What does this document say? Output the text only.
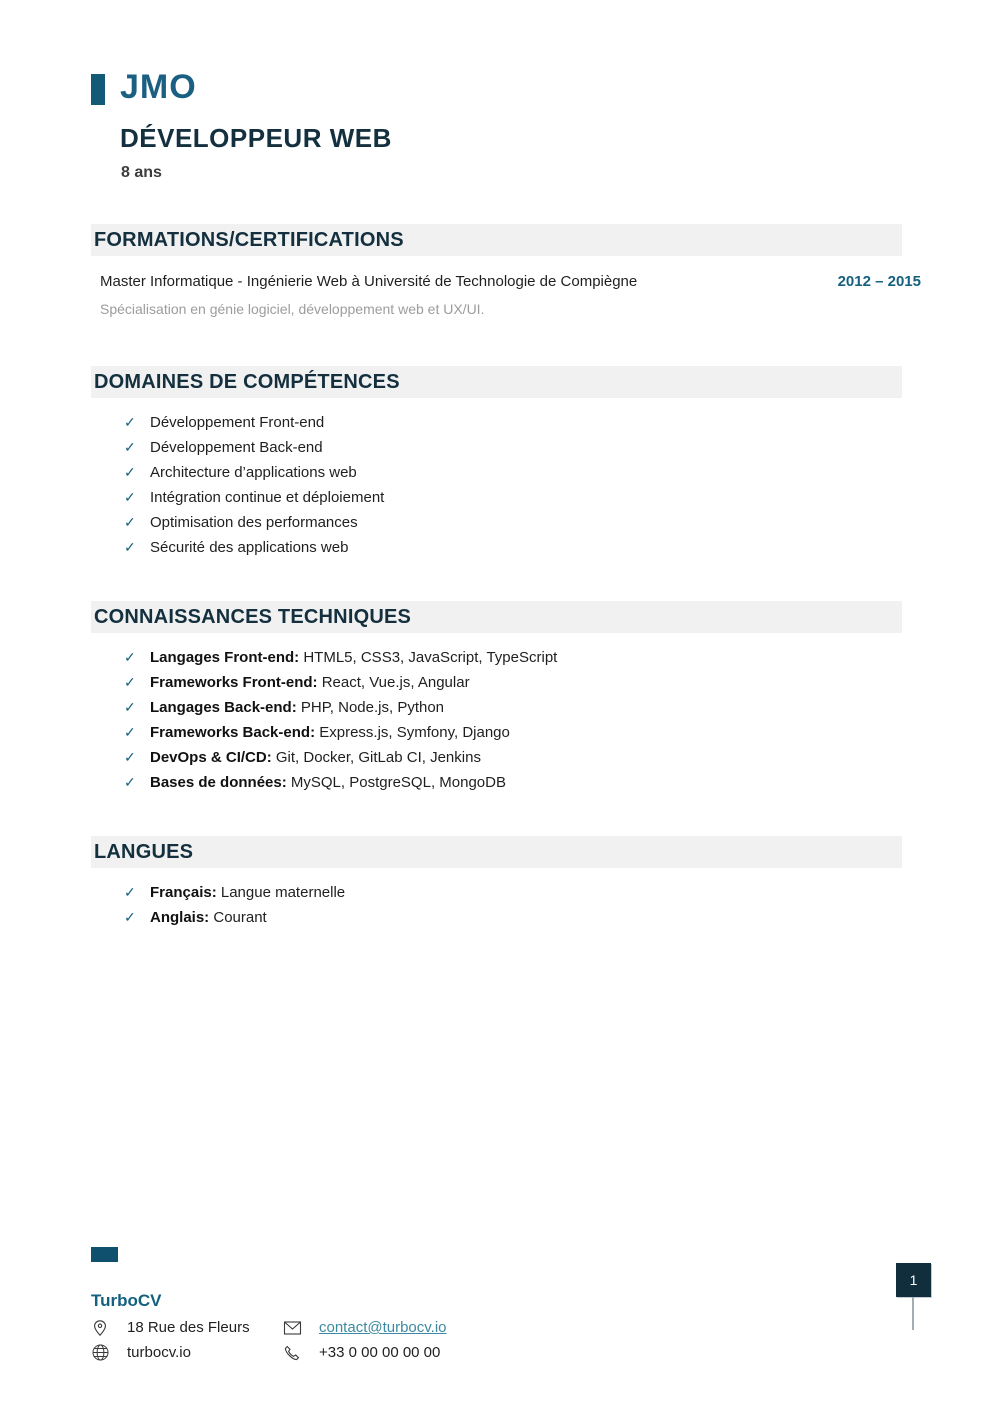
JMO
DÉVELOPPEUR WEB
8 ans
FORMATIONS/CERTIFICATIONS
Master Informatique - Ingénierie Web à Université de Technologie de Compiègne	2012 – 2015
Spécialisation en génie logiciel, développement web et UX/UI.
DOMAINES DE COMPÉTENCES
✓ Développement Front-end
✓ Développement Back-end
✓ Architecture d’applications web
✓ Intégration continue et déploiement
✓ Optimisation des performances
✓ Sécurité des applications web
CONNAISSANCES TECHNIQUES
✓ Langages Front-end: HTML5, CSS3, JavaScript, TypeScript
✓ Frameworks Front-end: React, Vue.js, Angular
✓ Langages Back-end: PHP, Node.js, Python
✓ Frameworks Back-end: Express.js, Symfony, Django
✓ DevOps & CI/CD: Git, Docker, GitLab CI, Jenkins
✓ Bases de données: MySQL, PostgreSQL, MongoDB
LANGUES
✓ Français: Langue maternelle
✓ Anglais: Courant
TurboCV
18 Rue des Fleurs	contact@turbocv.io
turbocv.io	+33 0 00 00 00 00
1
